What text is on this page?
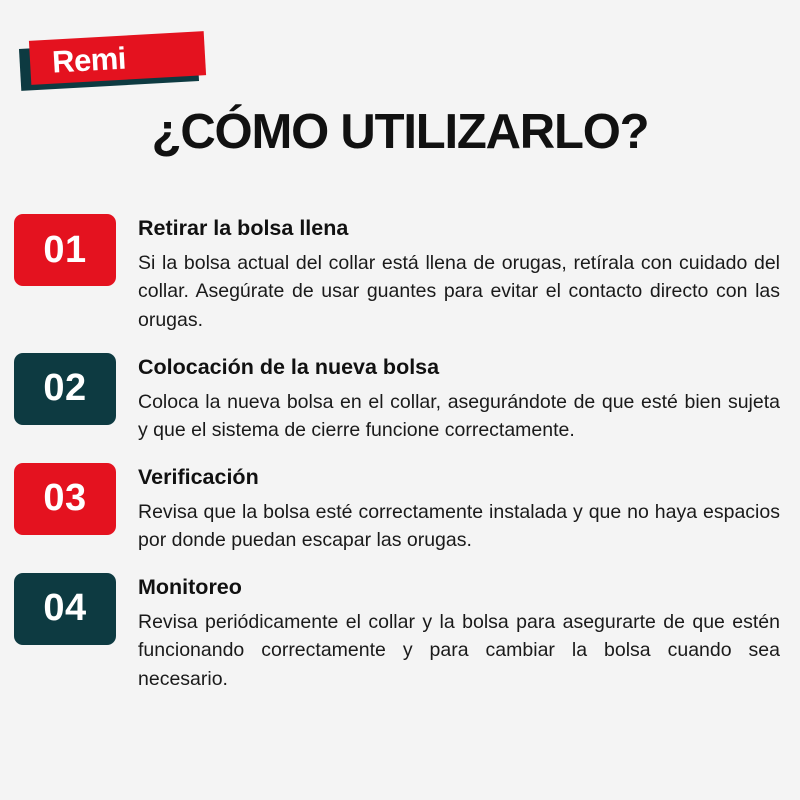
Remi
¿CÓMO UTILIZARLO?
01

Retirar la bolsa llena

Si la bolsa actual del collar está llena de orugas, retírala con cuidado del collar. Asegúrate de usar guantes para evitar el contacto directo con las orugas.

02

Colocación de la nueva bolsa

Coloca la nueva bolsa en el collar, asegurándote de que esté bien sujeta y que el sistema de cierre funcione correctamente.

03

Verificación

Revisa que la bolsa esté correctamente instalada y que no haya espacios por donde puedan escapar las orugas.

04

Monitoreo

Revisa periódicamente el collar y la bolsa para asegurarte de que estén funcionando correctamente y para cambiar la bolsa cuando sea necesario.
